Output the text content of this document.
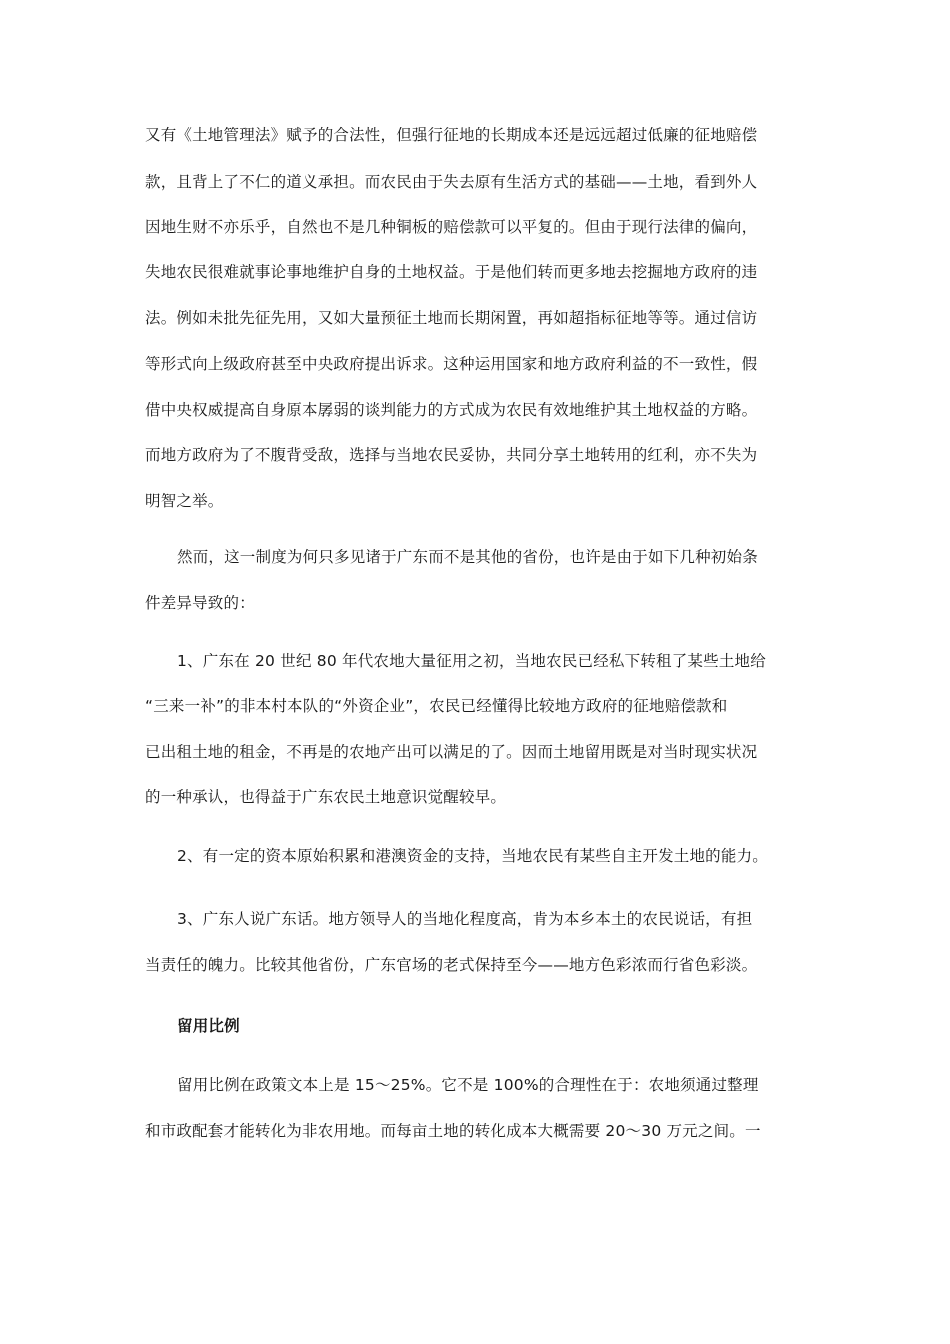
又有《土地管理法》赋予的合法性，但强行征地的长期成本还是远远超过低廉的征地赔偿
款，且背上了不仁的道义承担。而农民由于失去原有生活方式的基础——土地，看到外人
因地生财不亦乐乎，自然也不是几种铜板的赔偿款可以平复的。但由于现行法律的偏向，
失地农民很难就事论事地维护自身的土地权益。于是他们转而更多地去挖掘地方政府的违
法。例如未批先征先用，又如大量预征土地而长期闲置，再如超指标征地等等。通过信访
等形式向上级政府甚至中央政府提出诉求。这种运用国家和地方政府利益的不一致性，假
借中央权威提高自身原本孱弱的谈判能力的方式成为农民有效地维护其土地权益的方略。
而地方政府为了不腹背受敌，选择与当地农民妥协，共同分享土地转用的红利，亦不失为
明智之举。
然而，这一制度为何只多见诸于广东而不是其他的省份，也许是由于如下几种初始条
件差异导致的：
1、广东在 20 世纪 80 年代农地大量征用之初，当地农民已经私下转租了某些土地给
“三来一补”的非本村本队的“外资企业”，农民已经懂得比较地方政府的征地赔偿款和
已出租土地的租金，不再是的农地产出可以满足的了。因而土地留用既是对当时现实状况
的一种承认，也得益于广东农民土地意识觉醒较早。
2、有一定的资本原始积累和港澳资金的支持，当地农民有某些自主开发土地的能力。
3、广东人说广东话。地方领导人的当地化程度高，肯为本乡本土的农民说话，有担
当责任的魄力。比较其他省份，广东官场的老式保持至今——地方色彩浓而行省色彩淡。
留用比例
留用比例在政策文本上是 15～25%。它不是 100%的合理性在于：农地须通过整理
和市政配套才能转化为非农用地。而每亩土地的转化成本大概需要 20～30 万元之间。一
